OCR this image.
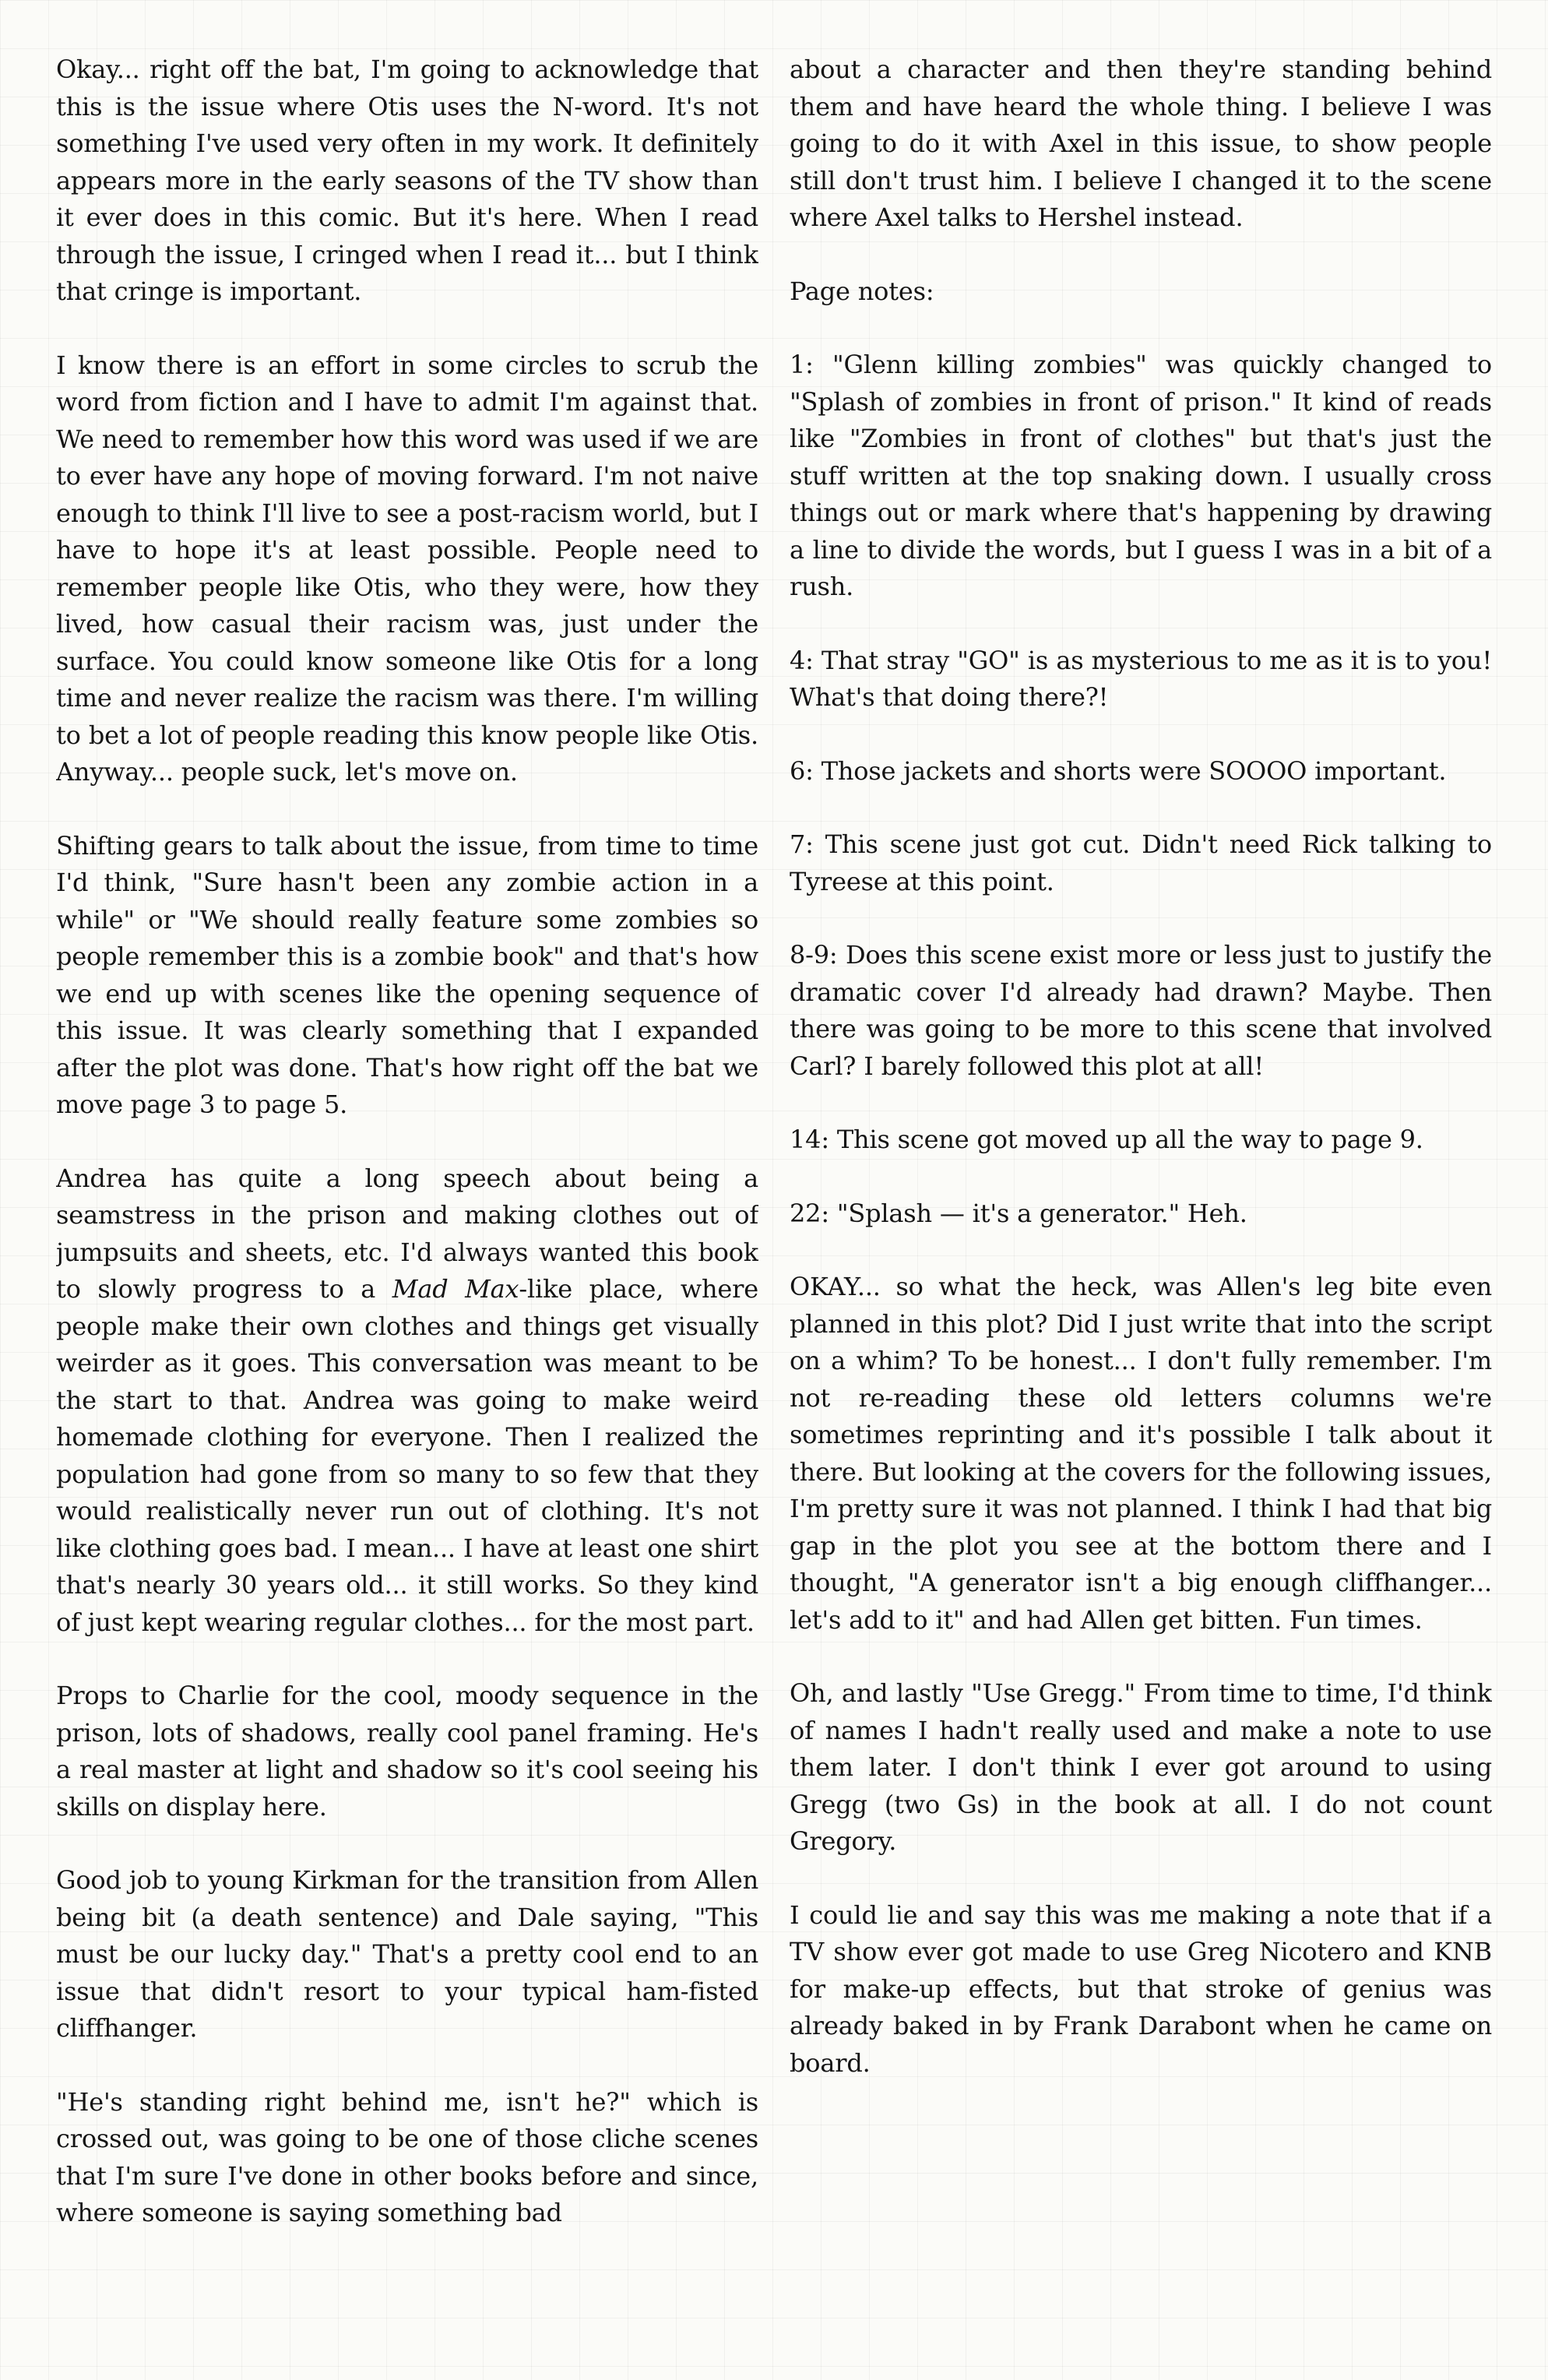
Okay... right off the bat, I'm going to acknowledge that this is the issue where Otis uses the N-word. It's not something I've used very often in my work. It definitely appears more in the early seasons of the TV show than it ever does in this comic. But it's here. When I read through the issue, I cringed when I read it... but I think that cringe is important.

I know there is an effort in some circles to scrub the word from fiction and I have to admit I'm against that. We need to remember how this word was used if we are to ever have any hope of moving forward. I'm not naive enough to think I'll live to see a post-racism world, but I have to hope it's at least possible. People need to remember people like Otis, who they were, how they lived, how casual their racism was, just under the surface. You could know someone like Otis for a long time and never realize the racism was there. I'm willing to bet a lot of people reading this know people like Otis. Anyway... people suck, let's move on.

Shifting gears to talk about the issue, from time to time I'd think, "Sure hasn't been any zombie action in a while" or "We should really feature some zombies so people remember this is a zombie book" and that's how we end up with scenes like the opening sequence of this issue. It was clearly something that I expanded after the plot was done. That's how right off the bat we move page 3 to page 5.

Andrea has quite a long speech about being a seamstress in the prison and making clothes out of jumpsuits and sheets, etc. I'd always wanted this book to slowly progress to a Mad Max-like place, where people make their own clothes and things get visually weirder as it goes. This conversation was meant to be the start to that. Andrea was going to make weird homemade clothing for everyone. Then I realized the population had gone from so many to so few that they would realistically never run out of clothing. It's not like clothing goes bad. I mean... I have at least one shirt that's nearly 30 years old... it still works. So they kind of just kept wearing regular clothes... for the most part.

Props to Charlie for the cool, moody sequence in the prison, lots of shadows, really cool panel framing. He's a real master at light and shadow so it's cool seeing his skills on display here.

Good job to young Kirkman for the transition from Allen being bit (a death sentence) and Dale saying, "This must be our lucky day." That's a pretty cool end to an issue that didn't resort to your typical ham-fisted cliffhanger.

"He's standing right behind me, isn't he?" which is crossed out, was going to be one of those cliche scenes that I'm sure I've done in other books before and since, where someone is saying something bad

about a character and then they're standing behind them and have heard the whole thing. I believe I was going to do it with Axel in this issue, to show people still don't trust him. I believe I changed it to the scene where Axel talks to Hershel instead.

Page notes:

1: "Glenn killing zombies" was quickly changed to "Splash of zombies in front of prison." It kind of reads like "Zombies in front of clothes" but that's just the stuff written at the top snaking down. I usually cross things out or mark where that's happening by drawing a line to divide the words, but I guess I was in a bit of a rush.

4: That stray "GO" is as mysterious to me as it is to you! What's that doing there?!

6: Those jackets and shorts were SOOOO important.

7: This scene just got cut. Didn't need Rick talking to Tyreese at this point.

8-9: Does this scene exist more or less just to justify the dramatic cover I'd already had drawn? Maybe. Then there was going to be more to this scene that involved Carl? I barely followed this plot at all!

14: This scene got moved up all the way to page 9.

22: "Splash — it's a generator." Heh.

OKAY... so what the heck, was Allen's leg bite even planned in this plot? Did I just write that into the script on a whim? To be honest... I don't fully remember. I'm not re-reading these old letters columns we're sometimes reprinting and it's possible I talk about it there. But looking at the covers for the following issues, I'm pretty sure it was not planned. I think I had that big gap in the plot you see at the bottom there and I thought, "A generator isn't a big enough cliffhanger... let's add to it" and had Allen get bitten. Fun times.

Oh, and lastly "Use Gregg." From time to time, I'd think of names I hadn't really used and make a note to use them later. I don't think I ever got around to using Gregg (two Gs) in the book at all. I do not count Gregory.

I could lie and say this was me making a note that if a TV show ever got made to use Greg Nicotero and KNB for make-up effects, but that stroke of genius was already baked in by Frank Darabont when he came on board.
